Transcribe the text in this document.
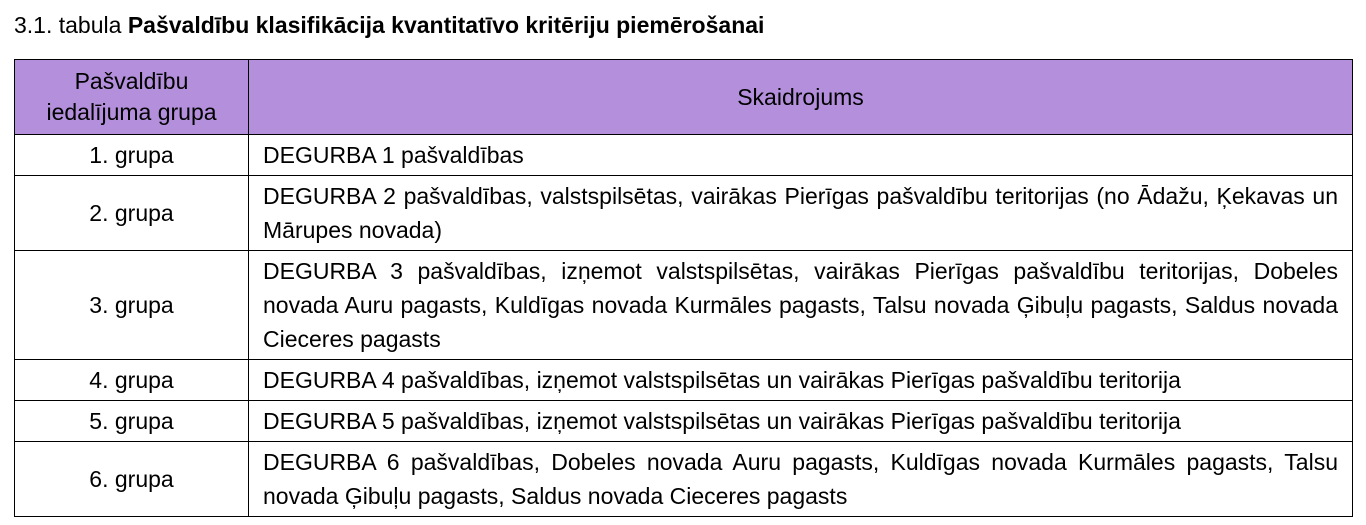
3.1. tabula Pašvaldību klasifikācija kvantitatīvo kritēriju piemērošanai
Pašvaldību iedalījuma grupa	Skaidrojums
1. grupa	DEGURBA 1 pašvaldības
2. grupa	DEGURBA 2 pašvaldības, valstspilsētas, vairākas Pierīgas pašvaldību teritorijas (no Ādažu, Ķekavas un Mārupes novada)
3. grupa	DEGURBA 3 pašvaldības, izņemot valstspilsētas, vairākas Pierīgas pašvaldību teritorijas, Dobeles novada Auru pagasts, Kuldīgas novada Kurmāles pagasts, Talsu novada Ģibuļu pagasts, Saldus novada Cieceres pagasts
4. grupa	DEGURBA 4 pašvaldības, izņemot valstspilsētas un vairākas Pierīgas pašvaldību teritorija
5. grupa	DEGURBA 5 pašvaldības, izņemot valstspilsētas un vairākas Pierīgas pašvaldību teritorija
6. grupa	DEGURBA 6 pašvaldības, Dobeles novada Auru pagasts, Kuldīgas novada Kurmāles pagasts, Talsu novada Ģibuļu pagasts, Saldus novada Cieceres pagasts
